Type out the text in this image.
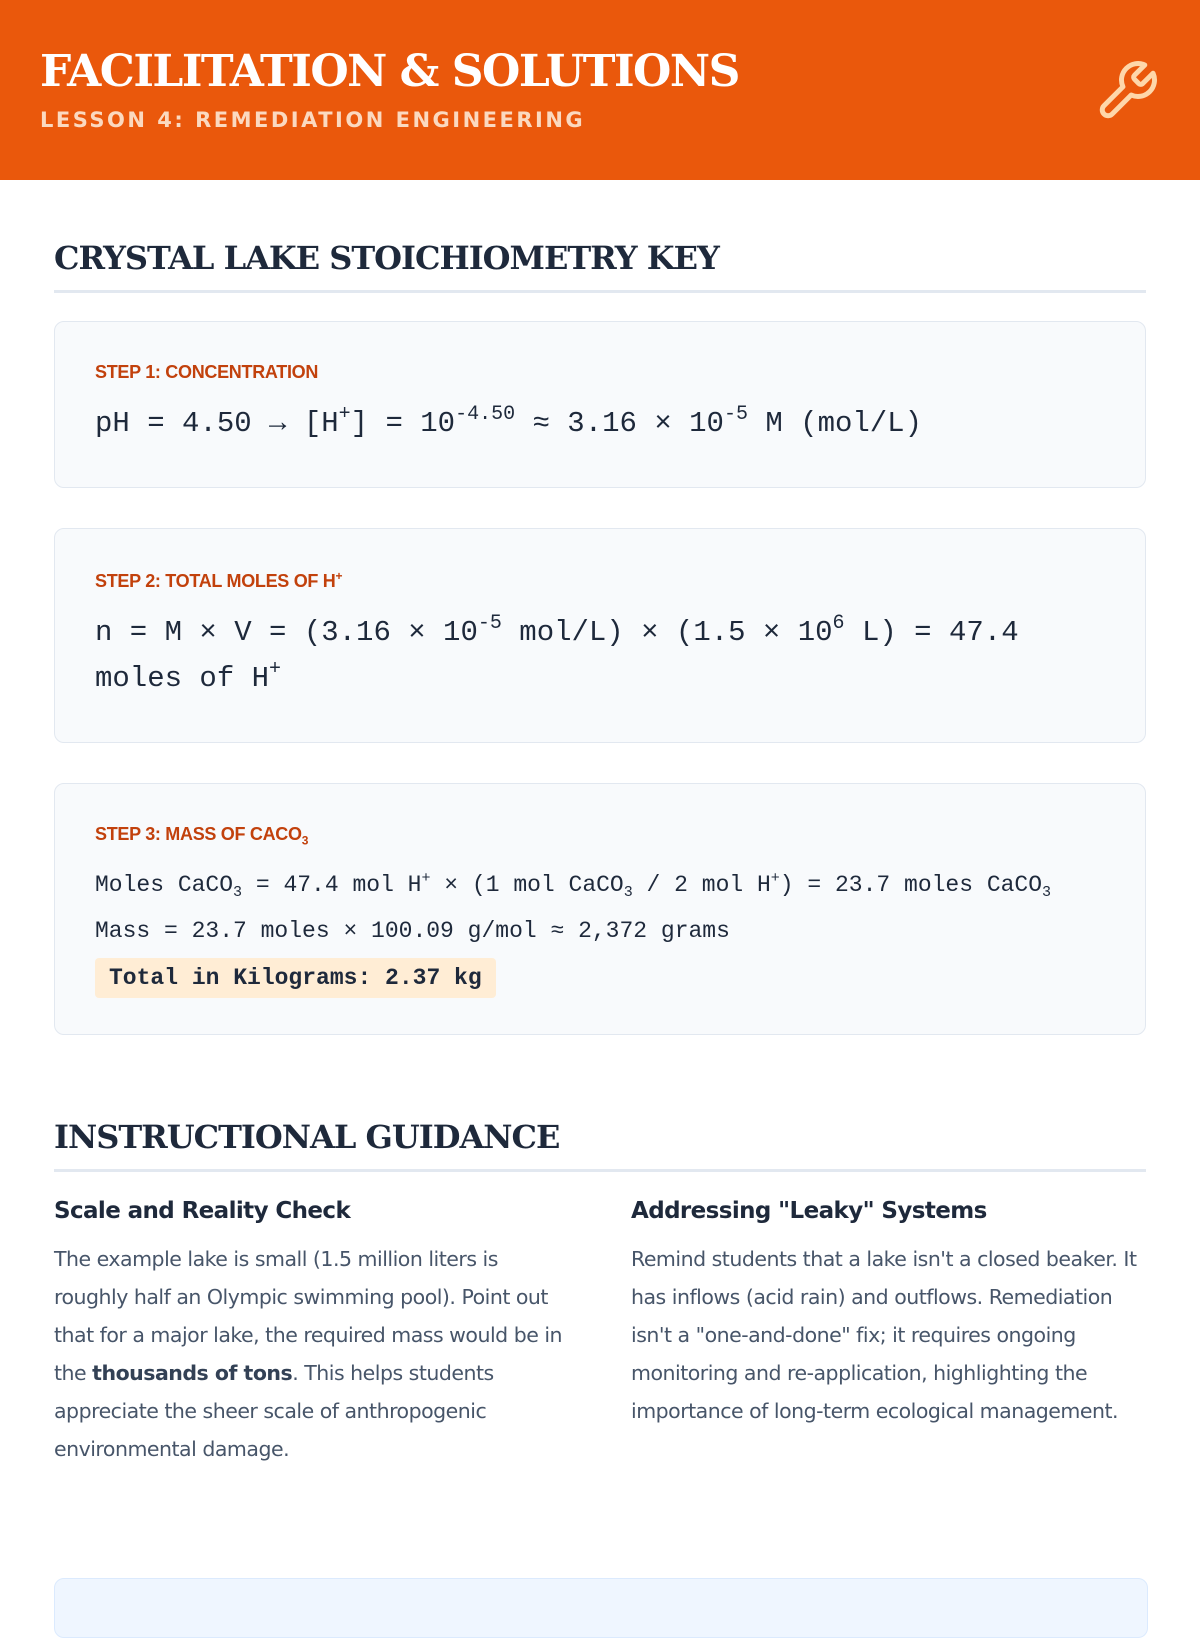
FACILITATION & SOLUTIONS
LESSON 4: REMEDIATION ENGINEERING
CRYSTAL LAKE STOICHIOMETRY KEY
STEP 1: CONCENTRATION
pH = $4.50 \to [H^+] = 10^{-4.50} \approx 3.16 \times 10^{-5}$ M (mol/L)
STEP 2: TOTAL MOLES OF H+
$n = M \times V = (3.16 \times 10^{-5}$ $mol/L) \times (1.5 \times 10^6$ L) = 47.4 moles of H+
STEP 3: MASS OF $CACO_3$
Moles CaCO$_3$ = 47.4 mol H+ × (1 mol CaCO$_3$ / 2 mol H+) = 23.7 moles CaCO$_3$
Mass = 23.7 moles × 100.09 g/mol ≈ 2,372 grams
Total in Kilograms: 2.37 kg
INSTRUCTIONAL GUIDANCE
Scale and Reality Check

The example lake is small (1.5 million liters is roughly half an Olympic swimming pool). Point out that for a major lake, the required mass would be in the thousands of tons. This helps students appreciate the sheer scale of anthropogenic environmental damage.

Addressing "Leaky" Systems

Remind students that a lake isn't a closed beaker. It has inflows (acid rain) and outflows. Remediation isn't a "one-and-done" fix; it requires ongoing monitoring and re-application, highlighting the importance of long-term ecological management.
